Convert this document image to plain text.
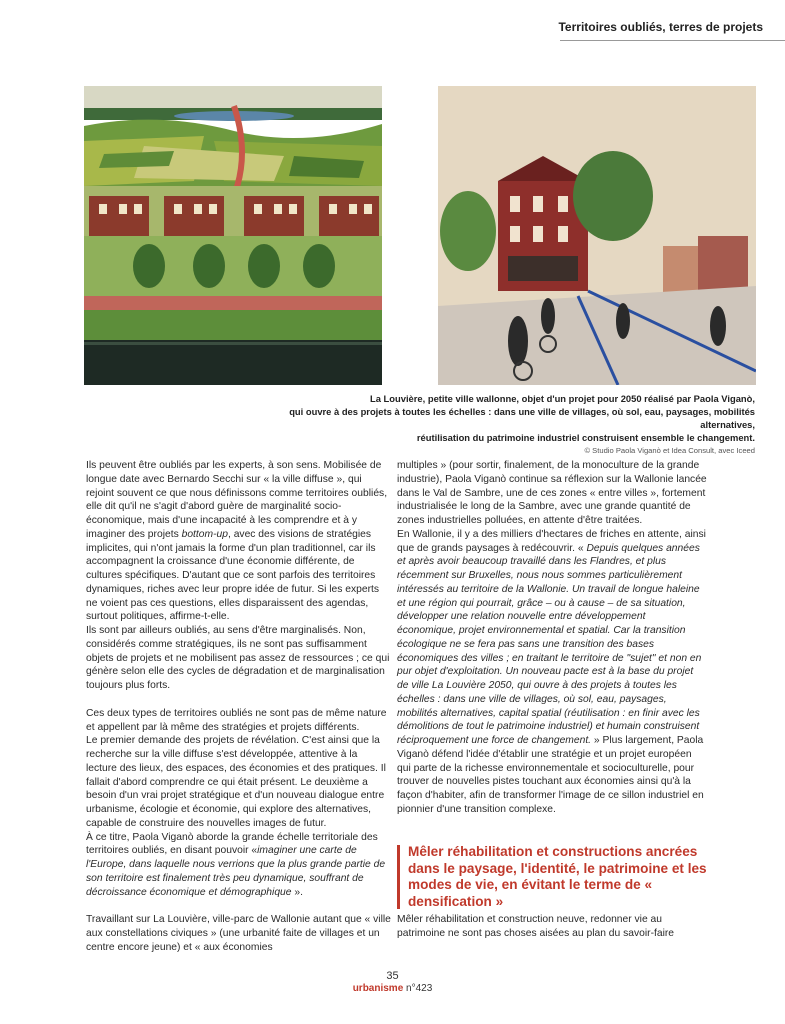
Territoires oubliés, terres de projets
La Louvière, petite ville wallonne, objet d'un projet pour 2050 réalisé par Paola Viganò,
qui ouvre à des projets à toutes les échelles : dans une ville de villages, où sol, eau, paysages, mobilités alternatives,
réutilisation du patrimoine industriel construisent ensemble le changement.
© Studio Paola Viganò et Idea Consult, avec Iceed

Ils peuvent être oubliés par les experts, à son sens. Mobilisée de longue date avec Bernardo Secchi sur « la ville diffuse », qui rejoint souvent ce que nous définissons comme territoires oubliés, elle dit qu'il ne s'agit d'abord guère de marginalité socio-économique, mais d'une incapacité à les comprendre et à y imaginer des projets bottom-up, avec des visions de stratégies implicites, qui n'ont jamais la forme d'un plan traditionnel, car ils accompagnent la croissance d'une économie différente, de cultures spécifiques. D'autant que ce sont parfois des territoires dynamiques, riches avec leur propre idée de futur. Si les experts ne voient pas ces questions, elles disparaissent des agendas, surtout politiques, affirme-t-elle.

Ils sont par ailleurs oubliés, au sens d'être marginalisés. Non, considérés comme stratégiques, ils ne sont pas suffisamment objets de projets et ne mobilisent pas assez de ressources ; ce qui génère selon elle des cycles de dégradation et de marginalisation toujours plus forts.

Ces deux types de territoires oubliés ne sont pas de même nature et appellent par là même des stratégies et projets différents.

Le premier demande des projets de révélation. C'est ainsi que la recherche sur la ville diffuse s'est développée, attentive à la lecture des lieux, des espaces, des économies et des pratiques. Il fallait d'abord comprendre ce qui était présent. Le deuxième a besoin d'un vrai projet stratégique et d'un nouveau dialogue entre urbanisme, écologie et économie, qui explore des alternatives, capable de construire des nouvelles images de futur.

À ce titre, Paola Viganò aborde la grande échelle territoriale des territoires oubliés, en disant pouvoir «imaginer une carte de l'Europe, dans laquelle nous verrions que la plus grande partie de son territoire est finalement très peu dynamique, souffrant de décroissance économique et démographique ».

Travaillant sur La Louvière, ville-parc de Wallonie autant que « ville aux constellations civiques » (une urbanité faite de villages et un centre encore jeune) et « aux économies

multiples » (pour sortir, finalement, de la monoculture de la grande industrie), Paola Viganò continue sa réflexion sur la Wallonie lancée dans le Val de Sambre, une de ces zones « entre villes », fortement industrialisée le long de la Sambre, avec une grande quantité de zones industrielles polluées, en attente d'être traitées.

En Wallonie, il y a des milliers d'hectares de friches en attente, ainsi que de grands paysages à redécouvrir. « Depuis quelques années et après avoir beaucoup travaillé dans les Flandres, et plus récemment sur Bruxelles, nous nous sommes particulièrement intéressés au territoire de la Wallonie. Un travail de longue haleine et une région qui pourrait, grâce – ou à cause – de sa situation, développer une relation nouvelle entre développement économique, projet environnemental et spatial. Car la transition écologique ne se fera pas sans une transition des bases économiques des villes ; en traitant le territoire de "sujet" et non en pur objet d'exploitation. Un nouveau pacte est à la base du projet de ville La Louvière 2050, qui ouvre à des projets à toutes les échelles : dans une ville de villages, où sol, eau, paysages, mobilités alternatives, capital spatial (réutilisation : en finir avec les démolitions de tout le patrimoine industriel) et humain construisent réciproquement une force de changement. » Plus largement, Paola Viganò défend l'idée d'établir une stratégie et un projet européen qui parte de la richesse environnementale et socioculturelle, pour trouver de nouvelles pistes touchant aux économies ainsi qu'à la façon d'habiter, afin de transformer l'image de ce sillon industriel en pionnier d'une transition complexe.

Mêler réhabilitation et constructions ancrées dans le paysage, l'identité, le patrimoine et les modes de vie, en évitant le terme de « densification »
Mêler réhabilitation et construction neuve, redonner vie au patrimoine ne sont pas choses aisées au plan du savoir-faire
35
urbanisme n°423
